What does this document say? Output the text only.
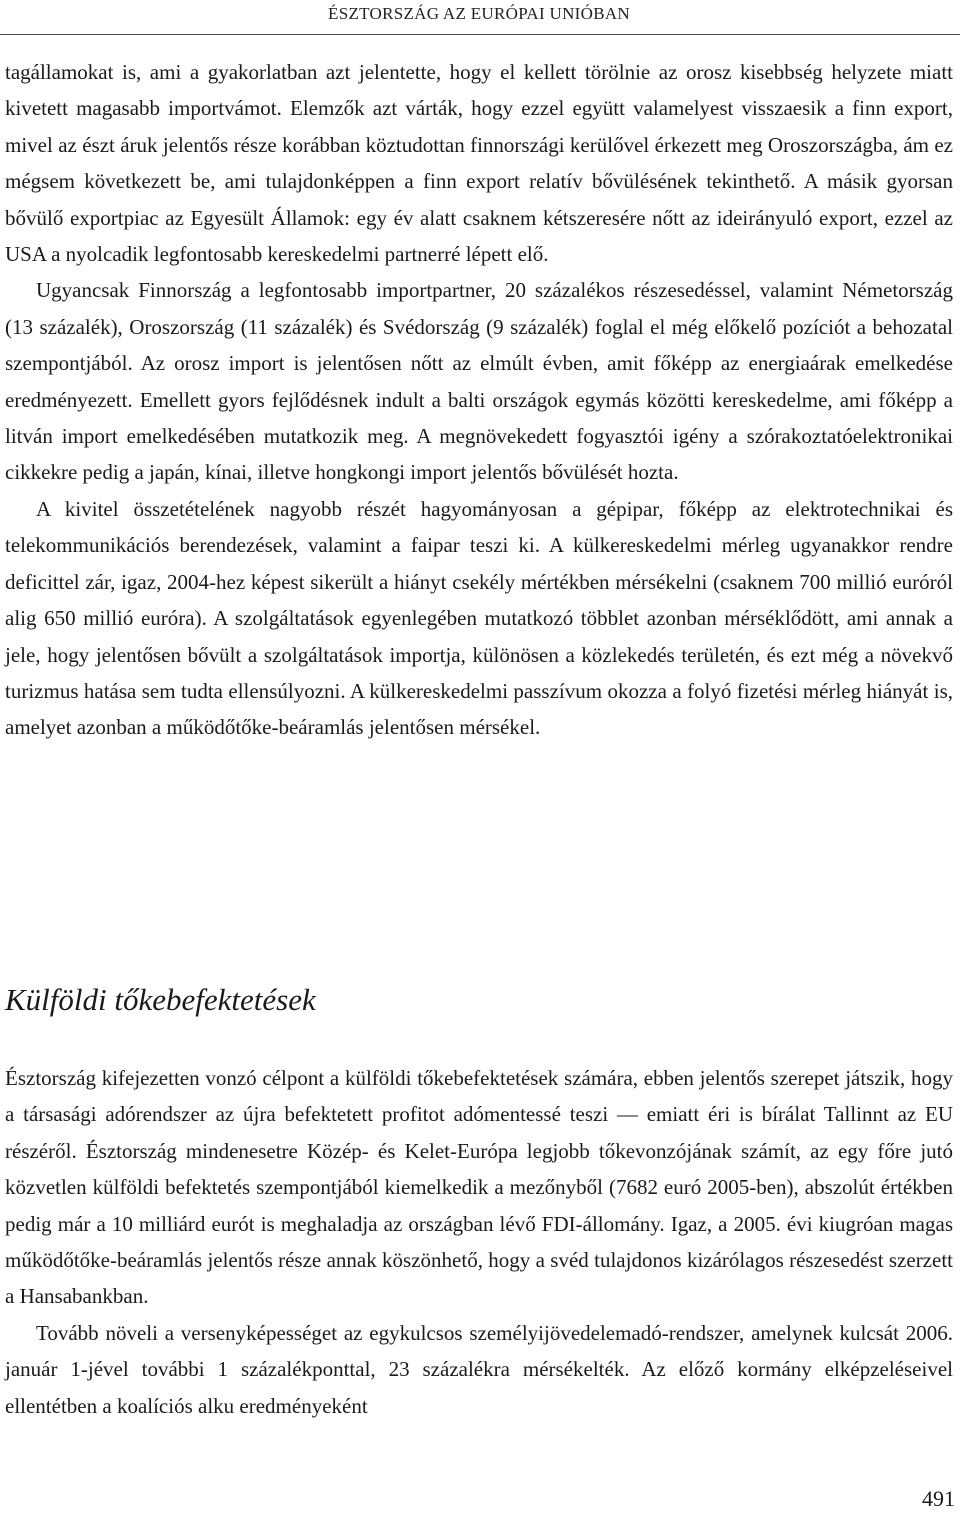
ÉSZTORSZÁG AZ EURÓPAI UNIÓBAN

tagállamokat is, ami a gyakorlatban azt jelentette, hogy el kellett törölnie az orosz kisebbség helyzete miatt kivetett magasabb importvámot. Elemzők azt várták, hogy ezzel együtt valamelyest visszaesik a finn export, mivel az észt áruk jelentős része korábban köztudottan finnországi kerülővel érkezett meg Oroszországba, ám ez mégsem következett be, ami tulajdonképpen a finn export relatív bővülésének tekinthető. A másik gyorsan bővülő exportpiac az Egyesült Államok: egy év alatt csaknem kétszeresére nőtt az ideirányuló export, ezzel az USA a nyolcadik legfontosabb kereskedelmi partnerré lépett elő.

Ugyancsak Finnország a legfontosabb importpartner, 20 százalékos részesedéssel, valamint Németország (13 százalék), Oroszország (11 százalék) és Svédország (9 százalék) foglal el még előkelő pozíciót a behozatal szempontjából. Az orosz import is jelentősen nőtt az elmúlt évben, amit főképp az energiaárak emelkedése eredményezett. Emellett gyors fejlődésnek indult a balti országok egymás közötti kereskedelme, ami főképp a litván import emelkedésében mutatkozik meg. A megnövekedett fogyasztói igény a szórakoztatóelektronikai cikkekre pedig a japán, kínai, illetve hongkongi import jelentős bővülését hozta.

A kivitel összetételének nagyobb részét hagyományosan a gépipar, főképp az elektrotechnikai és telekommunikációs berendezések, valamint a faipar teszi ki. A külkereskedelmi mérleg ugyanakkor rendre deficittel zár, igaz, 2004-hez képest sikerült a hiányt csekély mértékben mérsékelni (csaknem 700 millió euróról alig 650 millió euróra). A szolgáltatások egyenlegében mutatkozó többlet azonban mérséklődött, ami annak a jele, hogy jelentősen bővült a szolgáltatások importja, különösen a közlekedés területén, és ezt még a növekvő turizmus hatása sem tudta ellensúlyozni. A külkereskedelmi passzívum okozza a folyó fizetési mérleg hiányát is, amelyet azonban a működőtőke-beáramlás jelentősen mérsékel.

Külföldi tőkebefektetések

Észtország kifejezetten vonzó célpont a külföldi tőkebefektetések számára, ebben jelentős szerepet játszik, hogy a társasági adórendszer az újra befektetett profitot adómentessé teszi — emiatt éri is bírálat Tallinnt az EU részéről. Észtország mindenesetre Közép- és Kelet-Európa legjobb tőkevonzójának számít, az egy főre jutó közvetlen külföldi befektetés szempontjából kiemelkedik a mezőnyből (7682 euró 2005-ben), abszolút értékben pedig már a 10 milliárd eurót is meghaladja az országban lévő FDI-állomány. Igaz, a 2005. évi kiugróan magas működőtőke-beáramlás jelentős része annak köszönhető, hogy a svéd tulajdonos kizárólagos részesedést szerzett a Hansabankban.

Tovább növeli a versenyképességet az egykulcsos személyijövedelemadó-rendszer, amelynek kulcsát 2006. január 1-jével további 1 százalékponttal, 23 százalékra mérsékelték. Az előző kormány elképzeléseivel ellentétben a koalíciós alku eredményeként

491
